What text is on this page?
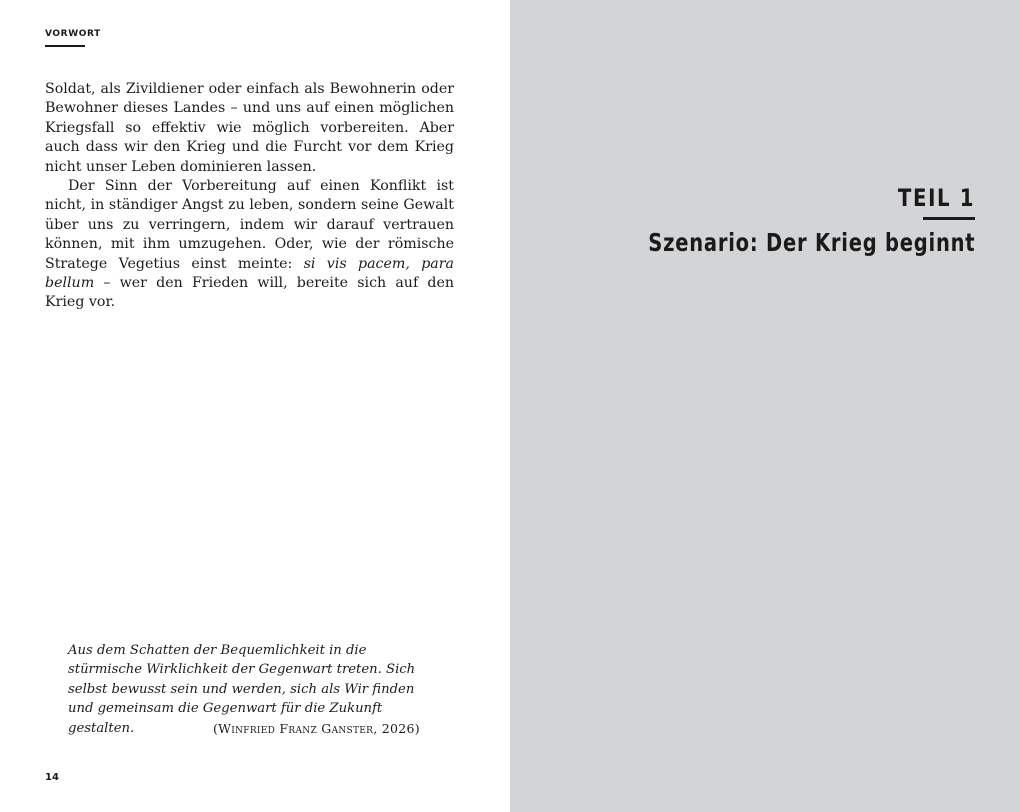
VORWORT

Soldat, als Zivildiener oder einfach als Bewohnerin oder Bewohner dieses Landes – und uns auf einen möglichen Kriegsfall so effektiv wie möglich vorbereiten. Aber auch dass wir den Krieg und die Furcht vor dem Krieg nicht unser Leben dominieren lassen.

Der Sinn der Vorbereitung auf einen Konflikt ist nicht, in ständiger Angst zu leben, sondern seine Gewalt über uns zu verringern, indem wir darauf vertrauen können, mit ihm umzugehen. Oder, wie der römische Stratege Vegetius einst meinte: si vis pacem, para bellum – wer den Frieden will, bereite sich auf den Krieg vor.

Aus dem Schatten der Bequemlichkeit in die stürmische Wirklichkeit der Gegenwart treten. Sich selbst bewusst sein und werden, sich als Wir finden und gemeinsam die Gegenwart für die Zukunft gestalten.	(Winfried Franz Ganster, 2026)
14
TEIL 1
Szenario: Der Krieg beginnt
